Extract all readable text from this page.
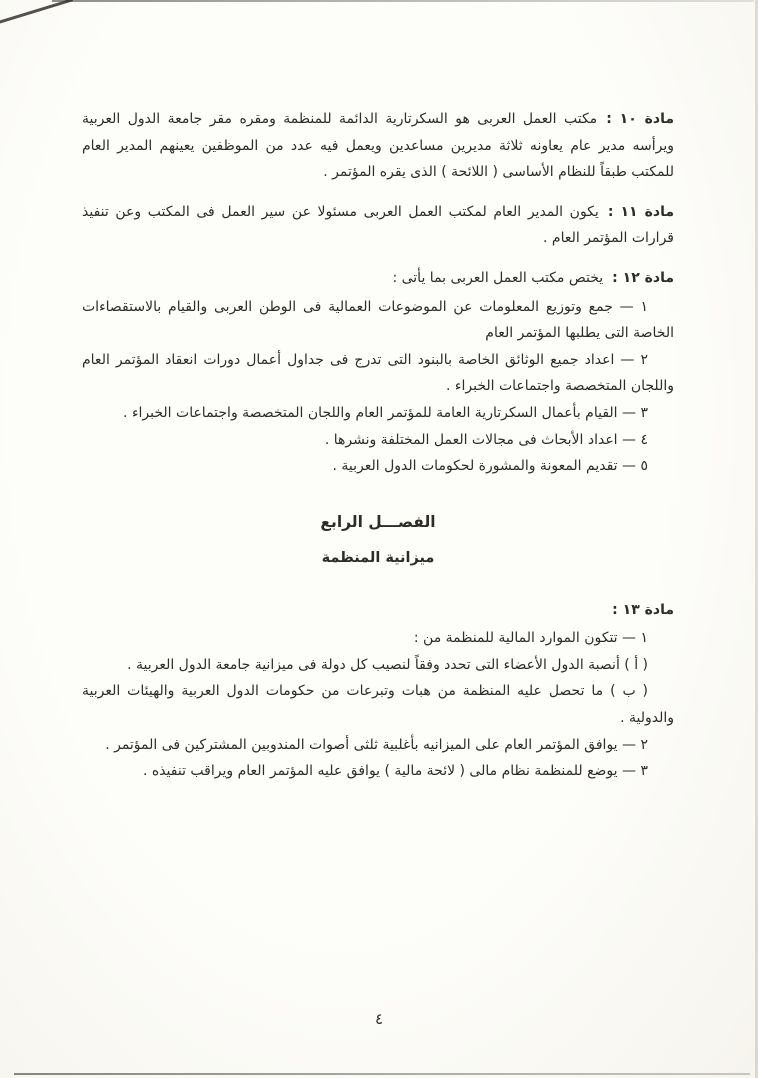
مادة ١٠ :مكتب العمل العربى هو السكرتارية الدائمة للمنظمة ومقره مقر جامعة الدول العربية ويرأسه مدير عام يعاونه ثلاثة مديرين مساعدين ويعمل فيه عدد من الموظفين يعينهم المدير العام للمكتب طبقاً للنظام الأساسى ( اللائحة ) الذى يقره المؤتمر .

مادة ١١ :يكون المدير العام لمكتب العمل العربى مسئولا عن سير العمل فى المكتب وعن تنفيذ قرارات المؤتمر العام .

مادة ١٢ :يختص مكتب العمل العربى بما يأتى :

١ — جمع وتوزيع المعلومات عن الموضوعات العمالية فى الوطن العربى والقيام بالاستقصاءات الخاصة التى يطلبها المؤتمر العام

٢ — اعداد جميع الوثائق الخاصة بالبنود التى تدرج فى جداول أعمال دورات انعقاد المؤتمر العام واللجان المتخصصة واجتماعات الخبراء .

٣ — القيام بأعمال السكرتارية العامة للمؤتمر العام واللجان المتخصصة واجتماعات الخبراء .

٤ — اعداد الأبحاث فى مجالات العمل المختلفة ونشرها .

٥ — تقديم المعونة والمشورة لحكومات الدول العربية .

الفصـــل الرابع
ميزانية المنظمة

مادة ١٣ :

١ — تتكون الموارد المالية للمنظمة من :

( أ ) أنصبة الدول الأعضاء التى تحدد وفقاً لنصيب كل دولة فى ميزانية جامعة الدول العربية .

( ب ) ما تحصل عليه المنظمة من هبات وتبرعات من حكومات الدول العربية والهيئات العربية والدولية .

٢ — يوافق المؤتمر العام على الميزانيه بأغلبية ثلثى أصوات المندوبين المشتركين فى المؤتمر .

٣ — يوضع للمنظمة نظام مالى ( لائحة مالية ) يوافق عليه المؤتمر العام ويراقب تنفيذه .

٤
